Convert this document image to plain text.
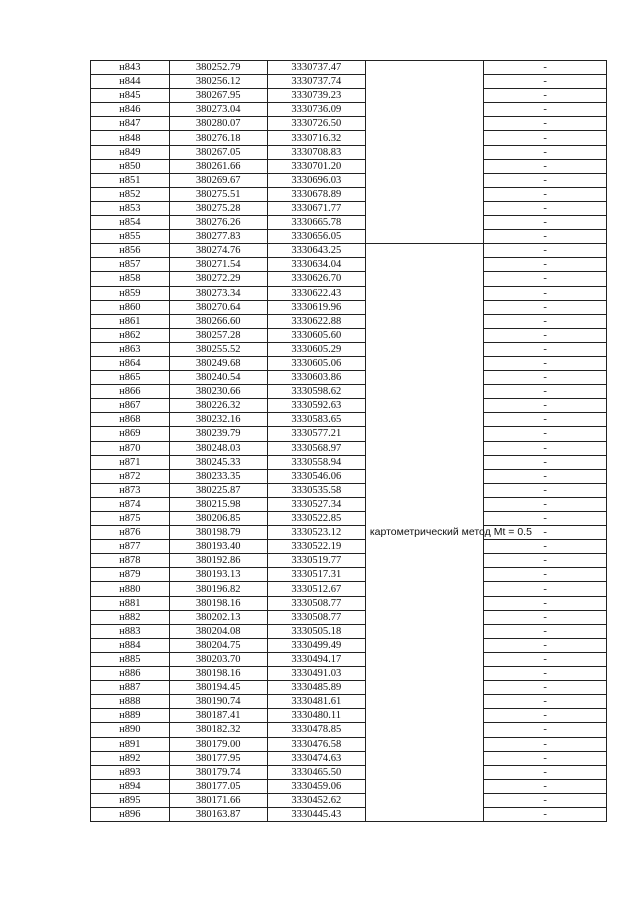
н843	380252.79	3330737.47		-
н844	380256.12	3330737.74		-
н845	380267.95	3330739.23		-
н846	380273.04	3330736.09		-
н847	380280.07	3330726.50		-
н848	380276.18	3330716.32		-
н849	380267.05	3330708.83		-
н850	380261.66	3330701.20		-
н851	380269.67	3330696.03		-
н852	380275.51	3330678.89		-
н853	380275.28	3330671.77		-
н854	380276.26	3330665.78		-
н855	380277.83	3330656.05		-
н856	380274.76	3330643.25	картометрический метод Mt = 0.5	-
н857	380271.54	3330634.04		-
н858	380272.29	3330626.70		-
н859	380273.34	3330622.43		-
н860	380270.64	3330619.96		-
н861	380266.60	3330622.88		-
н862	380257.28	3330605.60		-
н863	380255.52	3330605.29		-
н864	380249.68	3330605.06		-
н865	380240.54	3330603.86		-
н866	380230.66	3330598.62		-
н867	380226.32	3330592.63		-
н868	380232.16	3330583.65		-
н869	380239.79	3330577.21		-
н870	380248.03	3330568.97		-
н871	380245.33	3330558.94		-
н872	380233.35	3330546.06		-
н873	380225.87	3330535.58		-
н874	380215.98	3330527.34		-
н875	380206.85	3330522.85		-
н876	380198.79	3330523.12		-
н877	380193.40	3330522.19		-
н878	380192.86	3330519.77		-
н879	380193.13	3330517.31		-
н880	380196.82	3330512.67		-
н881	380198.16	3330508.77		-
н882	380202.13	3330508.77		-
н883	380204.08	3330505.18		-
н884	380204.75	3330499.49		-
н885	380203.70	3330494.17		-
н886	380198.16	3330491.03		-
н887	380194.45	3330485.89		-
н888	380190.74	3330481.61		-
н889	380187.41	3330480.11		-
н890	380182.32	3330478.85		-
н891	380179.00	3330476.58		-
н892	380177.95	3330474.63		-
н893	380179.74	3330465.50		-
н894	380177.05	3330459.06		-
н895	380171.66	3330452.62		-
н896	380163.87	3330445.43		-
